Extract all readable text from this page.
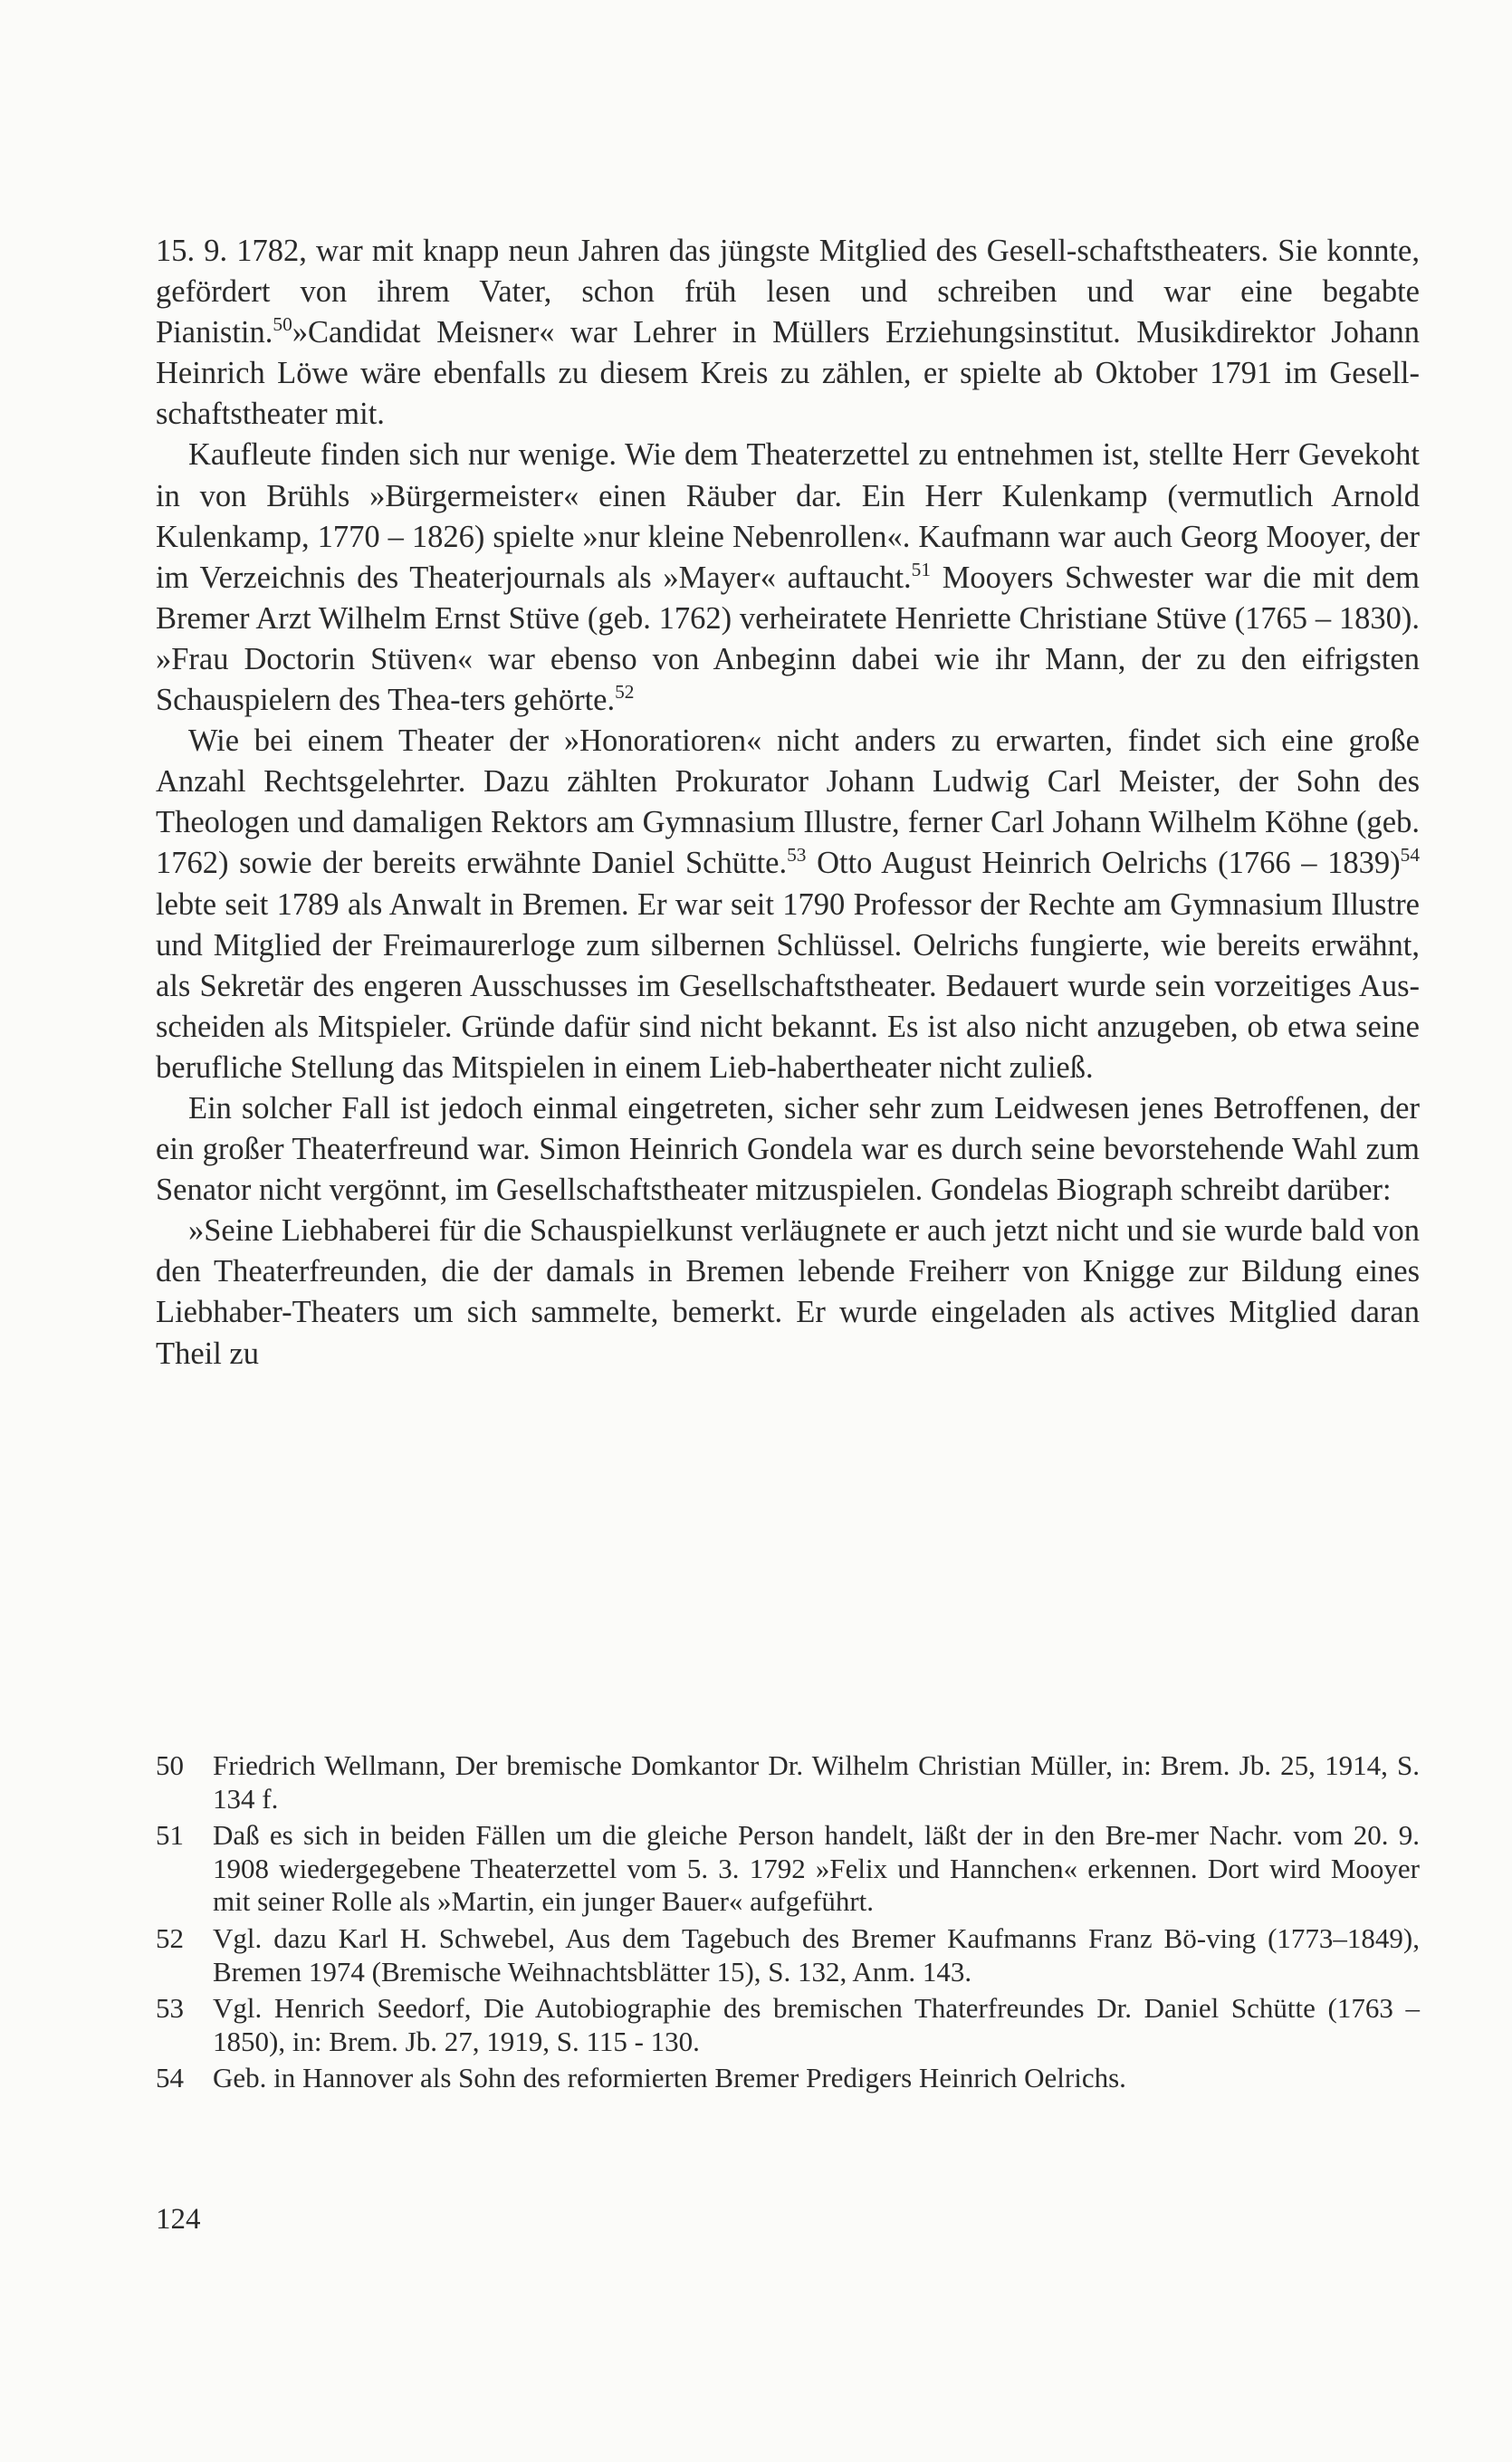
15. 9. 1782, war mit knapp neun Jahren das jüngste Mitglied des Gesell-schaftstheaters. Sie konnte, gefördert von ihrem Vater, schon früh lesen und schreiben und war eine begabte Pianistin.$^{50}$»Candidat Meisner« war Lehrer in Müllers Erziehungsinstitut. Musikdirektor Johann Heinrich Löwe wäre ebenfalls zu diesem Kreis zu zählen, er spielte ab Oktober 1791 im Gesell-schaftstheater mit.

Kaufleute finden sich nur wenige. Wie dem Theaterzettel zu entnehmen ist, stellte Herr Gevekoht in von Brühls »Bürgermeister« einen Räuber dar. Ein Herr Kulenkamp (vermutlich Arnold Kulenkamp, 1770 – 1826) spielte »nur kleine Nebenrollen«. Kaufmann war auch Georg Mooyer, der im Verzeichnis des Theaterjournals als »Mayer« auftaucht.$^{51}$ Mooyers Schwester war die mit dem Bremer Arzt Wilhelm Ernst Stüve (geb. 1762) verheiratete Henriette Christiane Stüve (1765 – 1830). »Frau Doctorin Stüven« war ebenso von Anbeginn dabei wie ihr Mann, der zu den eifrigsten Schauspielern des Thea-ters gehörte.$^{52}$

Wie bei einem Theater der »Honoratioren« nicht anders zu erwarten, findet sich eine große Anzahl Rechtsgelehrter. Dazu zählten Prokurator Johann Ludwig Carl Meister, der Sohn des Theologen und damaligen Rektors am Gymnasium Illustre, ferner Carl Johann Wilhelm Köhne (geb. 1762) sowie der bereits erwähnte Daniel Schütte.$^{53}$ Otto August Heinrich Oelrichs (1766 – 1839)$^{54}$ lebte seit 1789 als Anwalt in Bremen. Er war seit 1790 Professor der Rechte am Gymnasium Illustre und Mitglied der Freimaurerloge zum silbernen Schlüssel. Oelrichs fungierte, wie bereits erwähnt, als Sekretär des engeren Ausschusses im Gesellschaftstheater. Bedauert wurde sein vorzeitiges Aus-scheiden als Mitspieler. Gründe dafür sind nicht bekannt. Es ist also nicht anzugeben, ob etwa seine berufliche Stellung das Mitspielen in einem Lieb-habertheater nicht zuließ.

Ein solcher Fall ist jedoch einmal eingetreten, sicher sehr zum Leidwesen jenes Betroffenen, der ein großer Theaterfreund war. Simon Heinrich Gondela war es durch seine bevorstehende Wahl zum Senator nicht vergönnt, im Gesellschaftstheater mitzuspielen. Gondelas Biograph schreibt darüber:

»Seine Liebhaberei für die Schauspielkunst verläugnete er auch jetzt nicht und sie wurde bald von den Theaterfreunden, die der damals in Bremen lebende Freiherr von Knigge zur Bildung eines Liebhaber-Theaters um sich sammelte, bemerkt. Er wurde eingeladen als actives Mitglied daran Theil zu

50 Friedrich Wellmann, Der bremische Domkantor Dr. Wilhelm Christian Müller, in: Brem. Jb. 25, 1914, S. 134 f.
51 Daß es sich in beiden Fällen um die gleiche Person handelt, läßt der in den Bre-mer Nachr. vom 20. 9. 1908 wiedergegebene Theaterzettel vom 5. 3. 1792 »Felix und Hannchen« erkennen. Dort wird Mooyer mit seiner Rolle als »Martin, ein junger Bauer« aufgeführt.
52 Vgl. dazu Karl H. Schwebel, Aus dem Tagebuch des Bremer Kaufmanns Franz Bö-ving (1773–1849), Bremen 1974 (Bremische Weihnachtsblätter 15), S. 132, Anm. 143.
53 Vgl. Henrich Seedorf, Die Autobiographie des bremischen Thaterfreundes Dr. Daniel Schütte (1763 – 1850), in: Brem. Jb. 27, 1919, S. 115 - 130.
54 Geb. in Hannover als Sohn des reformierten Bremer Predigers Heinrich Oelrichs.
124
